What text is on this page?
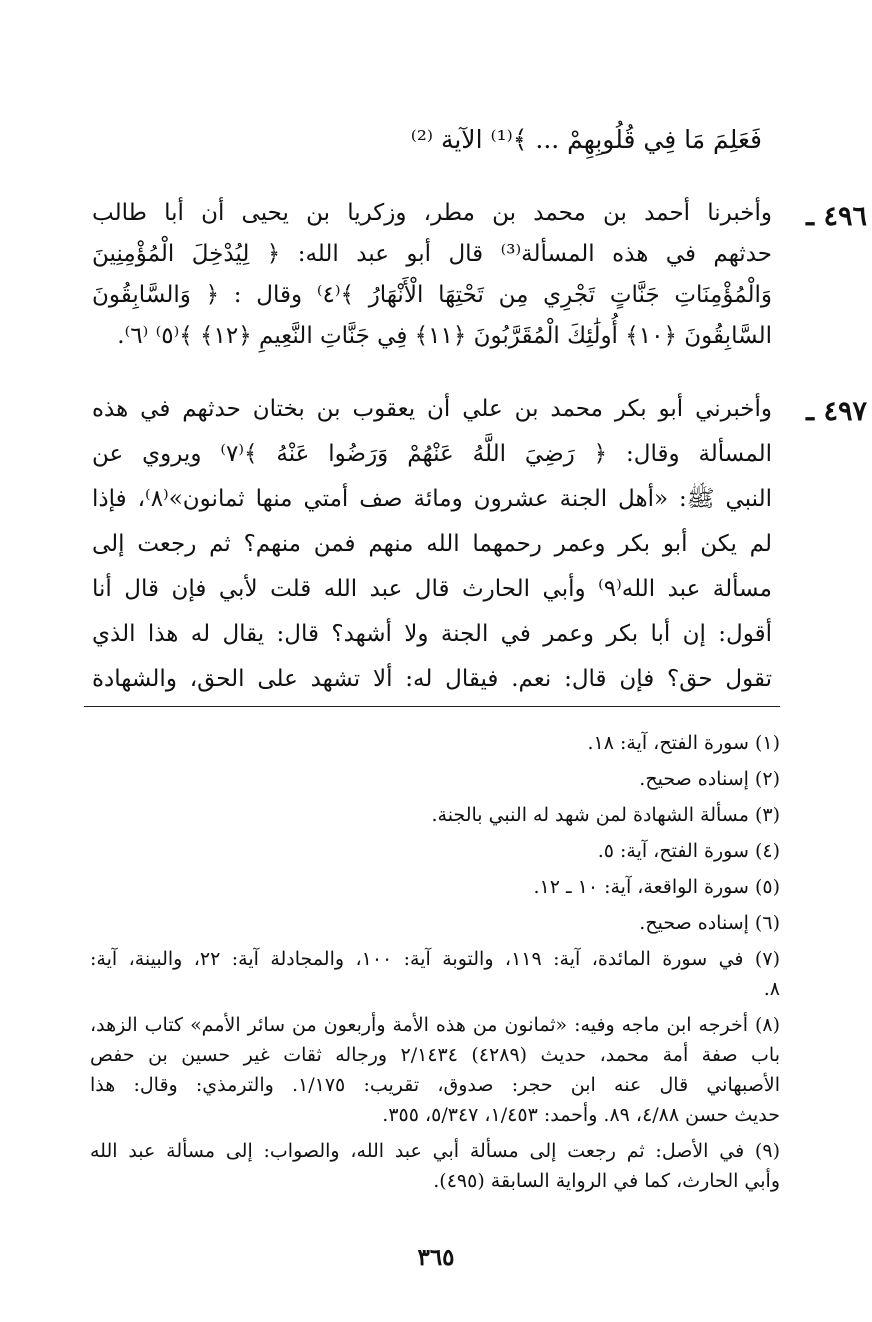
فَعَلِمَ مَا فِي قُلُوبِهِمْ ... ﴾⁽¹⁾ الآية ⁽²⁾
٤٩٦ ـ
وأخبرنا أحمد بن محمد بن مطر، وزكريا بن يحيى أن أبا طالب
حدثهم في هذه المسألة⁽³⁾ قال أبو عبد الله: ﴿ لِيُدْخِلَ الْمُؤْمِنِينَ
وَالْمُؤْمِنَاتِ جَنَّاتٍ تَجْرِي مِن تَحْتِهَا الْأَنْهَارُ ﴾⁽٤⁾ وقال : ﴿ وَالسَّابِقُونَ
السَّابِقُونَ ﴿١٠﴾ أُولَٰئِكَ الْمُقَرَّبُونَ ﴿١١﴾ فِي جَنَّاتِ النَّعِيمِ ﴿١٢﴾ ﴾⁽٥⁾ ⁽٦⁾.
٤٩٧ ـ
وأخبرني أبو بكر محمد بن علي أن يعقوب بن بختان حدثهم في هذه
المسألة وقال: ﴿ رَضِيَ اللَّهُ عَنْهُمْ وَرَضُوا عَنْهُ ﴾⁽٧⁾ ويروي عن
النبي ﷺ: «أهل الجنة عشرون ومائة صف أمتي منها ثمانون»⁽٨⁾، فإذا
لم يكن أبو بكر وعمر رحمهما الله منهم فمن منهم؟ ثم رجعت إلى
مسألة عبد الله⁽٩⁾ وأبي الحارث قال عبد الله قلت لأبي فإن قال أنا
أقول: إن أبا بكر وعمر في الجنة ولا أشهد؟ قال: يقال له هذا الذي
تقول حق؟ فإن قال: نعم. فيقال له: ألا تشهد على الحق، والشهادة
(١) سورة الفتح، آية: ١٨.
(٢) إسناده صحيح.
(٣) مسألة الشهادة لمن شهد له النبي بالجنة.
(٤) سورة الفتح، آية: ٥.
(٥) سورة الواقعة، آية: ١٠ ـ ١٢.
(٦) إسناده صحيح.
(٧) في سورة المائدة، آية: ١١٩، والتوبة آية: ١٠٠، والمجادلة آية: ٢٢، والبينة، آية:
٨.
(٨) أخرجه ابن ماجه وفيه: «ثمانون من هذه الأمة وأربعون من سائر الأمم» كتاب الزهد،
باب صفة أمة محمد، حديث (٤٢٨٩) ٢/١٤٣٤ ورجاله ثقات غير حسين بن حفص
الأصبهاني قال عنه ابن حجر: صدوق، تقريب: ١/١٧٥. والترمذي: وقال: هذا
حديث حسن ٤/٨٨، ٨٩. وأحمد: ١/٤٥٣، ٥/٣٤٧، ٣٥٥.
(٩) في الأصل: ثم رجعت إلى مسألة أبي عبد الله، والصواب: إلى مسألة عبد الله
وأبي الحارث، كما في الرواية السابقة (٤٩٥).
٣٦٥
